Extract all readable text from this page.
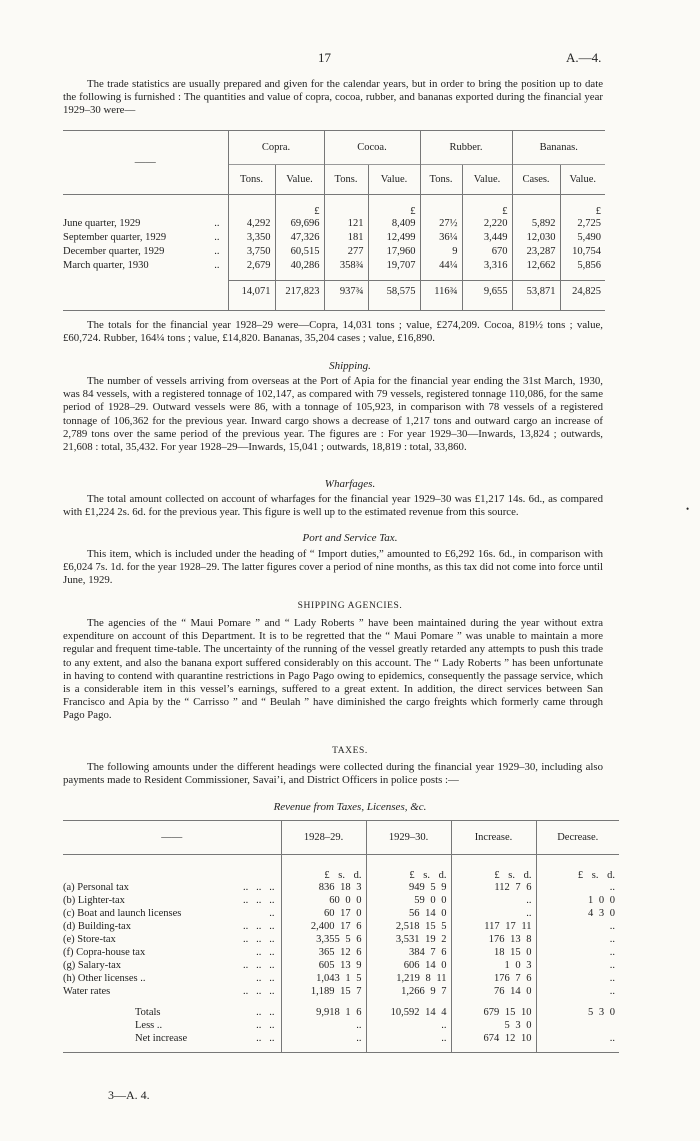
17	A.—4.

The trade statistics are usually prepared and given for the calendar years, but in order to bring the position up to date the following is furnished : The quantities and value of copra, cocoa, rubber, and bananas exported during the financial year 1929–30 were—

——	Copra.		Cocoa.		Rubber.		Bananas.	
	Tons.	Value.	Tons.	Value.	Tons.	Value.	Cases.	Value.
		£		£		£		£
June quarter, 1929 ..	4,292	69,696	121	8,409	27½	2,220	5,892	2,725
September quarter, 1929 ..	3,350	47,326	181	12,499	36¼	3,449	12,030	5,490
December quarter, 1929 ..	3,750	60,515	277	17,960	9	670	23,287	10,754
March quarter, 1930 ..	2,679	40,286	358¾	19,707	44¼	3,316	12,662	5,856

	14,071	217,823	937¾	58,575	116¾	9,655	53,871	24,825

The totals for the financial year 1928–29 were—Copra, 14,031 tons ; value, £274,209. Cocoa, 819½ tons ; value, £60,724. Rubber, 164¼ tons ; value, £14,820. Bananas, 35,204 cases ; value, £16,890.

Shipping.

The number of vessels arriving from overseas at the Port of Apia for the financial year ending the 31st March, 1930, was 84 vessels, with a registered tonnage of 102,147, as compared with 79 vessels, registered tonnage 110,086, for the same period of 1928–29. Outward vessels were 86, with a tonnage of 105,923, in comparison with 78 vessels of a registered tonnage of 106,362 for the previous year. Inward cargo shows a decrease of 1,217 tons and outward cargo an increase of 2,789 tons over the same period of the previous year. The figures are : For year 1929–30—Inwards, 13,824 ; outwards, 21,608 : total, 35,432. For year 1928–29—Inwards, 15,041 ; outwards, 18,819 : total, 33,860.

Wharfages.

The total amount collected on account of wharfages for the financial year 1929–30 was £1,217 14s. 6d., as compared with £1,224 2s. 6d. for the previous year. This figure is well up to the estimated revenue from this source.	•
Port and Service Tax.

This item, which is included under the heading of “ Import duties,” amounted to £6,292 16s. 6d., in comparison with £6,024 7s. 1d. for the year 1928–29. The latter figures cover a period of nine months, as this tax did not come into force until June, 1929.

SHIPPING AGENCIES.

The agencies of the “ Maui Pomare ” and “ Lady Roberts ” have been maintained during the year without extra expenditure on account of this Department. It is to be regretted that the “ Maui Pomare ” was unable to maintain a more regular and frequent time-table. The uncertainty of the running of the vessel greatly retarded any attempts to push this trade to any extent, and also the banana export suffered considerably on this account. The “ Lady Roberts ” has been unfortunate in having to contend with quarantine restrictions in Pago Pago owing to epidemics, consequently the passage service, which is a considerable item in this vessel’s earnings, suffered to a great extent. In addition, the direct services between San Francisco and Apia by the “ Carrisso ” and “ Beulah ” have diminished the cargo freights which formerly came through Pago Pago.

TAXES.

The following amounts under the different headings were collected during the financial year 1929–30, including also payments made to Resident Commissioner, Savai’i, and District Officers in police posts :—

Revenue from Taxes, Licenses, &c.
——		1928–29.	1929–30.	Increase.	Decrease.
		£ s. d.	£ s. d.	£ s. d.	£ s. d.
(a) Personal tax	..   ..   ..	836 18 3	949 5 9	112 7 6	..
(b) Lighter-tax	..   ..   ..	60 0 0	59 0 0	..	1 0 0
(c) Boat and launch licenses	..	60 17 0	56 14 0	..	4 3 0
(d) Building-tax	..   ..   ..	2,400 17 6	2,518 15 5	117 17 11	..
(e) Store-tax	..   ..   ..	3,355 5 6	3,531 19 2	176 13 8	..
(f) Copra-house tax	..   ..	365 12 6	384 7 6	18 15 0	..
(g) Salary-tax	..   ..   ..	605 13 9	606 14 0	1 0 3	..
(h) Other licenses ..	..   ..	1,043 1 5	1,219 8 11	176 7 6	..
Water rates	..   ..   ..	1,189 15 7	1,266 9 7	76 14 0	..

Totals	..   ..	9,918 1 6	10,592 14 4	679 15 10	5 3 0
Less ..	..   ..	..	..	5 3 0	
Net increase	..   ..	..	..	674 12 10	..

3—A. 4.
